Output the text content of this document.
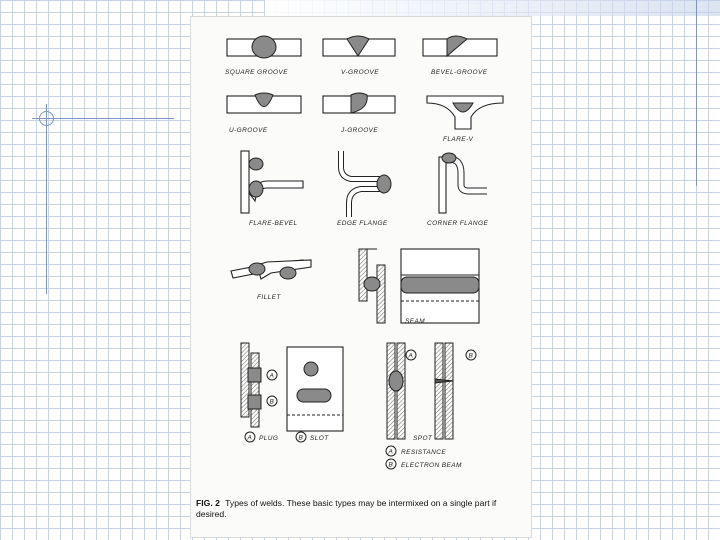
SQUARE GROOVE	V-GROOVE	BEVEL-GROOVE
U-GROOVE	J-GROOVE
FLARE-V
FLARE-BEVEL	EDGE FLANGE	CORNER FLANGE
FILLET
SEAM
A
B
A PLUG	B SLOT
A	B
SPOT
A RESISTANCE
B ELECTRON BEAM
FIG. 2 Types of welds. These basic types may be intermixed on a single part if desired.
